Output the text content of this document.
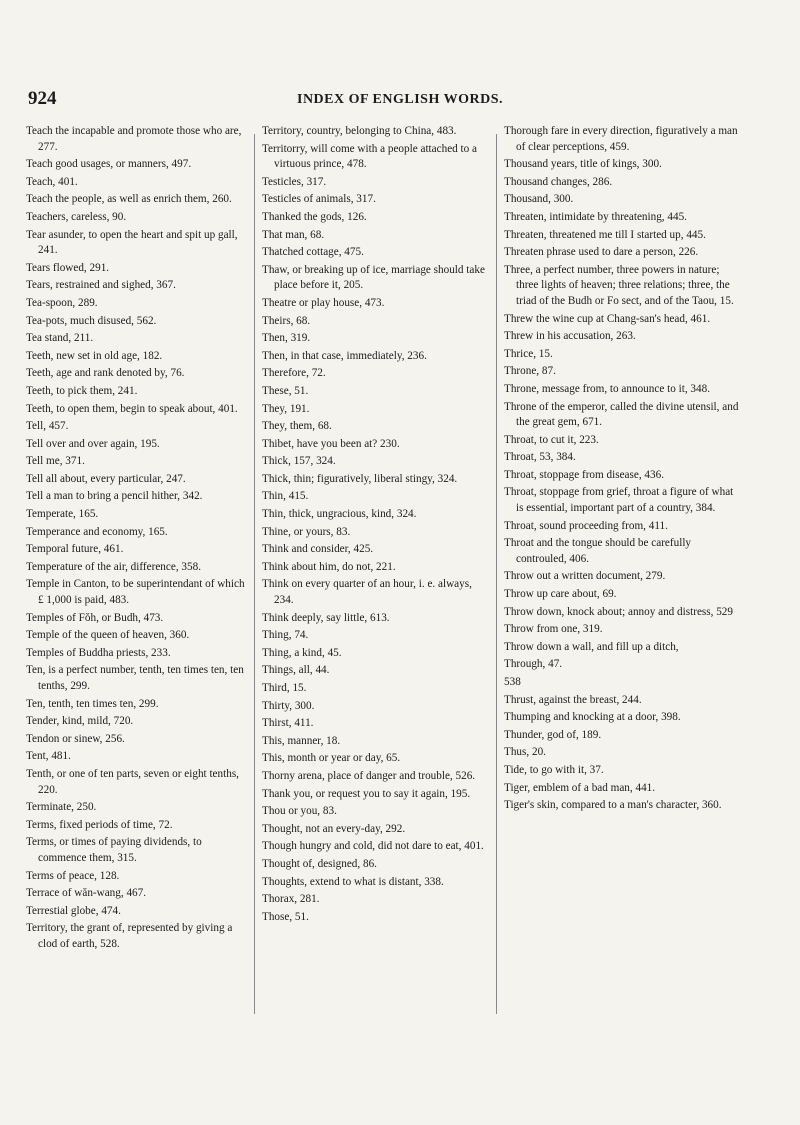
924	INDEX OF ENGLISH WORDS.

Teach the incapable and promote those who are, 277.

Teach good usages, or manners, 497.

Teach, 401.

Teach the people, as well as enrich them, 260.

Teachers, careless, 90.

Tear asunder, to open the heart and spit up gall, 241.

Tears flowed, 291.

Tears, restrained and sighed, 367.

Tea-spoon, 289.

Tea-pots, much disused, 562.

Tea stand, 211.

Teeth, new set in old age, 182.

Teeth, age and rank denoted by, 76.

Teeth, to pick them, 241.

Teeth, to open them, begin to speak about, 401.

Tell, 457.

Tell over and over again, 195.

Tell me, 371.

Tell all about, every particular, 247.

Tell a man to bring a pencil hither, 342.

Temperate, 165.

Temperance and economy, 165.

Temporal future, 461.

Temperature of the air, difference, 358.

Temple in Canton, to be superintendant of which £ 1,000 is paid, 483.

Temples of Fŏh, or Budh, 473.

Temple of the queen of heaven, 360.

Temples of Buddha priests, 233.

Ten, is a perfect number, tenth, ten times ten, ten tenths, 299.

Ten, tenth, ten times ten, 299.

Tender, kind, mild, 720.

Tendon or sinew, 256.

Tent, 481.

Tenth, or one of ten parts, seven or eight tenths, 220.

Terminate, 250.

Terms, fixed periods of time, 72.

Terms, or times of paying dividends, to commence them, 315.

Terms of peace, 128.

Terrace of wăn-wang, 467.

Terrestial globe, 474.

Territory, the grant of, represented by giving a clod of earth, 528.

Territory, country, belonging to China, 483.

Territorry, will come with a people attached to a virtuous prince, 478.

Testicles, 317.

Testicles of animals, 317.

Thanked the gods, 126.

That man, 68.

Thatched cottage, 475.

Thaw, or breaking up of ice, marriage should take place before it, 205.

Theatre or play house, 473.

Theirs, 68.

Then, 319.

Then, in that case, immediately, 236.

Therefore, 72.

These, 51.

They, 191.

They, them, 68.

Thibet, have you been at? 230.

Thick, 157, 324.

Thick, thin; figuratively, liberal stingy, 324.

Thin, 415.

Thin, thick, ungracious, kind, 324.

Thine, or yours, 83.

Think and consider, 425.

Think about him, do not, 221.

Think on every quarter of an hour, i. e. always, 234.

Think deeply, say little, 613.

Thing, 74.

Thing, a kind, 45.

Things, all, 44.

Third, 15.

Thirty, 300.

Thirst, 411.

This, manner, 18.

This, month or year or day, 65.

Thorny arena, place of danger and trouble, 526.

Thank you, or request you to say it again, 195.

Thou or you, 83.

Thought, not an every-day, 292.

Though hungry and cold, did not dare to eat, 401.

Thought of, designed, 86.

Thoughts, extend to what is distant, 338.

Thorax, 281.

Those, 51.

Thorough fare in every direction, figuratively a man of clear perceptions, 459.

Thousand years, title of kings, 300.

Thousand changes, 286.

Thousand, 300.

Threaten, intimidate by threatening, 445.

Threaten, threatened me till I started up, 445.

Threaten phrase used to dare a person, 226.

Three, a perfect number, three powers in nature; three lights of heaven; three relations; three, the triad of the Budh or Fo sect, and of the Taou, 15.

Threw the wine cup at Chang-san's head, 461.

Threw in his accusation, 263.

Thrice, 15.

Throne, 87.

Throne, message from, to announce to it, 348.

Throne of the emperor, called the divine utensil, and the great gem, 671.

Throat, to cut it, 223.

Throat, 53, 384.

Throat, stoppage from disease, 436.

Throat, stoppage from grief, throat a figure of what is essential, important part of a country, 384.

Throat, sound proceeding from, 411.

Throat and the tongue should be carefully controuled, 406.

Throw out a written document, 279.

Throw up care about, 69.

Throw down, knock about; annoy and distress, 529

Throw from one, 319.

Throw down a wall, and fill up a ditch,

Through, 47.

538

Thrust, against the breast, 244.

Thumping and knocking at a door, 398.

Thunder, god of, 189.

Thus, 20.

Tide, to go with it, 37.

Tiger, emblem of a bad man, 441.

Tiger's skin, compared to a man's character, 360.
